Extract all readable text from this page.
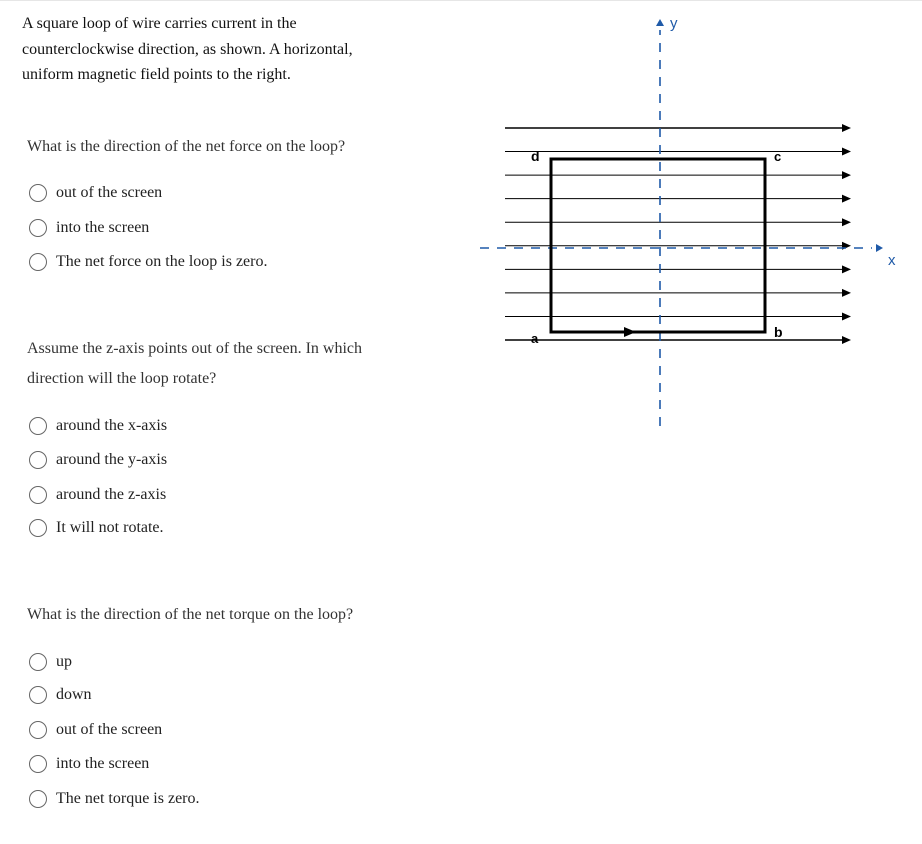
A square loop of wire carries current in the
counterclockwise direction, as shown. A horizontal,
uniform magnetic field points to the right.
What is the direction of the net force on the loop?
out of the screen
into the screen
The net force on the loop is zero.
Assume the z-axis points out of the screen. In which
direction will the loop rotate?
around the x-axis
around the y-axis
around the z-axis
It will not rotate.
What is the direction of the net torque on the loop?
up
down
out of the screen
into the screen
The net torque is zero.
x
y
a	b
c
d
